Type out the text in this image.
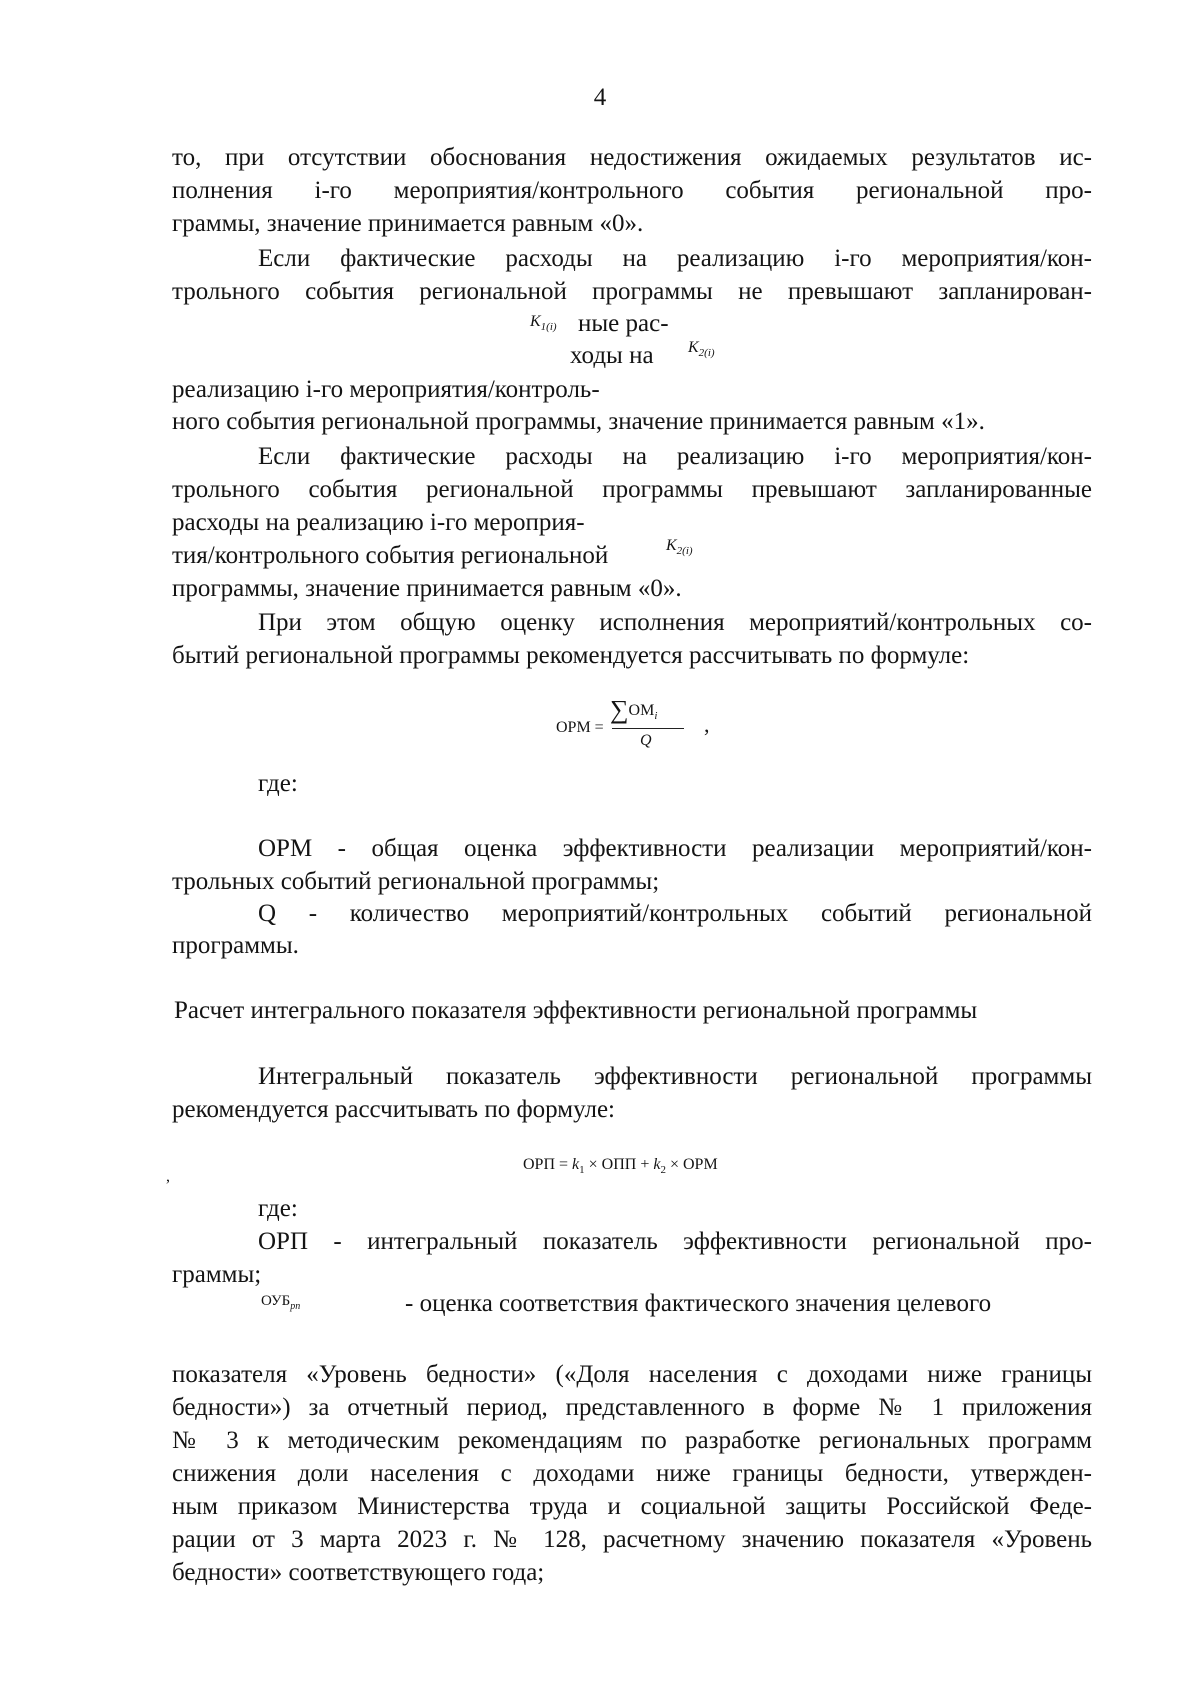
4
то, при отсутствии обоснования недостижения ожидаемых результатов ис-
полнения i-го мероприятия/контрольного события региональной про-
граммы, значение принимается равным «0».
Если фактические расходы на реализацию i-го мероприятия/кон-
трольного события региональной программы не превышают запланирован-
$K_{1(i)}$ ные рас-
ходы на $K_{2(i)}$
реализацию i-го мероприятия/контроль-
ного события региональной программы, значение принимается равным «1».
Если фактические расходы на реализацию i-го мероприятия/кон-
трольного события региональной программы превышают запланированные
расходы на реализацию i-го мероприя-
тия/контрольного события региональной	$K_{2(i)}$
программы, значение принимается равным «0».
При этом общую оценку исполнения мероприятий/контрольных со-
бытий региональной программы рекомендуется рассчитывать по формуле:
ОРМ =
$\sum ОМ_i$
Q
,
где:
ОРМ - общая оценка эффективности реализации мероприятий/кон-
трольных событий региональной программы;
Q - количество мероприятий/контрольных событий региональной
программы.
Расчет интегрального показателя эффективности региональной программы
Интегральный показатель эффективности региональной программы
рекомендуется рассчитывать по формуле:
,
ОРП = $k_1$ × ОПП + $k_2$ × ОРМ
где:
ОРП - интегральный показатель эффективности региональной про-
граммы;
$ОУБ_{рп}$	- оценка соответствия фактического значения целевого
показателя «Уровень бедности» («Доля населения с доходами ниже границы
бедности») за отчетный период, представленного в форме № 1 приложения
№ 3 к методическим рекомендациям по разработке региональных программ
снижения доли населения с доходами ниже границы бедности, утвержден-
ным приказом Министерства труда и социальной защиты Российской Феде-
рации от 3 марта 2023 г. № 128, расчетному значению показателя «Уровень
бедности» соответствующего года;
